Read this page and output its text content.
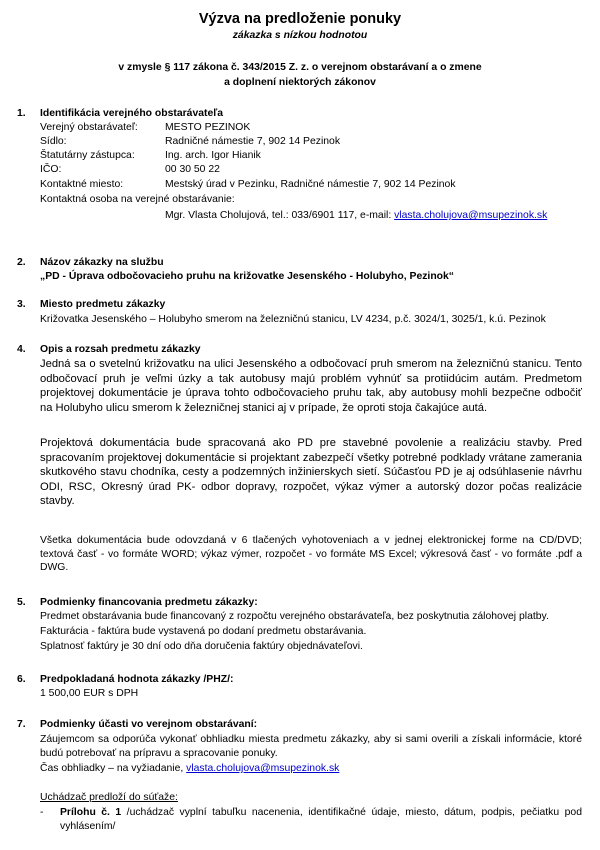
Výzva na predloženie ponuky
zákazka s nízkou hodnotou
v zmysle § 117 zákona č. 343/2015 Z. z. o verejnom obstarávaní a o zmene
a doplnení niektorých zákonov
1. Identifikácia verejného obstarávateľa
Verejný obstarávateľ:	MESTO PEZINOK
Sídlo:	Radničné námestie 7, 902 14 Pezinok
Štatutárny zástupca:	Ing. arch. Igor Hianik
IČO:	00 30 50 22
Kontaktné miesto:	Mestský úrad v Pezinku, Radničné námestie 7, 902 14 Pezinok
Kontaktná osoba na verejné obstarávanie:
Mgr. Vlasta Cholujová, tel.: 033/6901 117, e-mail: vlasta.cholujova@msupezinok.sk
2. Názov zákazky na službu
„PD - Úprava odbočovacieho pruhu na križovatke Jesenského - Holubyho, Pezinok“
3. Miesto predmetu zákazky
Križovatka Jesenského – Holubyho smerom na železničnú stanicu, LV 4234, p.č. 3024/1, 3025/1, k.ú. Pezinok
4. Opis a rozsah predmetu zákazky
Jedná sa o svetelnú križovatku na ulici Jesenského a odbočovací pruh smerom na železničnú stanicu. Tento odbočovací pruh je veľmi úzky a tak autobusy majú problém vyhnúť sa protiidúcim autám. Predmetom projektovej dokumentácie je úprava tohto odbočovacieho pruhu tak, aby autobusy mohli bezpečne odbočiť na Holubyho ulicu smerom k železničnej stanici aj v prípade, že oproti stoja čakajúce autá.
Projektová dokumentácia bude spracovaná ako PD pre stavebné povolenie a realizáciu stavby. Pred spracovaním projektovej dokumentácie si projektant zabezpečí všetky potrebné podklady vrátane zamerania skutkového stavu chodníka, cesty a podzemných inžinierskych sietí. Súčasťou PD je aj odsúhlasenie návrhu ODI, RSC, Okresný úrad PK- odbor dopravy, rozpočet, výkaz výmer a autorský dozor počas realizácie stavby.
Všetka dokumentácia bude odovzdaná v 6 tlačených vyhotoveniach a v jednej elektronickej forme na CD/DVD; textová časť - vo formáte WORD; výkaz výmer, rozpočet - vo formáte MS Excel; výkresová časť - vo formáte .pdf a DWG.
5. Podmienky financovania predmetu zákazky:
Predmet obstarávania bude financovaný z rozpočtu verejného obstarávateľa, bez poskytnutia zálohovej platby.
Fakturácia - faktúra bude vystavená po dodaní predmetu obstarávania.
Splatnosť faktúry je 30 dní odo dňa doručenia faktúry objednávateľovi.
6. Predpokladaná hodnota zákazky /PHZ/:
1 500,00 EUR s DPH
7. Podmienky účasti vo verejnom obstarávaní:
Záujemcom sa odporúča vykonať obhliadku miesta predmetu zákazky, aby si sami overili a získali informácie, ktoré budú potrebovať na prípravu a spracovanie ponuky.
Čas obhliadky – na vyžiadanie, vlasta.cholujova@msupezinok.sk
Uchádzač predloží do súťaže:
- Prílohu č. 1 /uchádzač vyplní tabuľku nacenenia, identifikačné údaje, miesto, dátum, podpis, pečiatku pod vyhlásením/
